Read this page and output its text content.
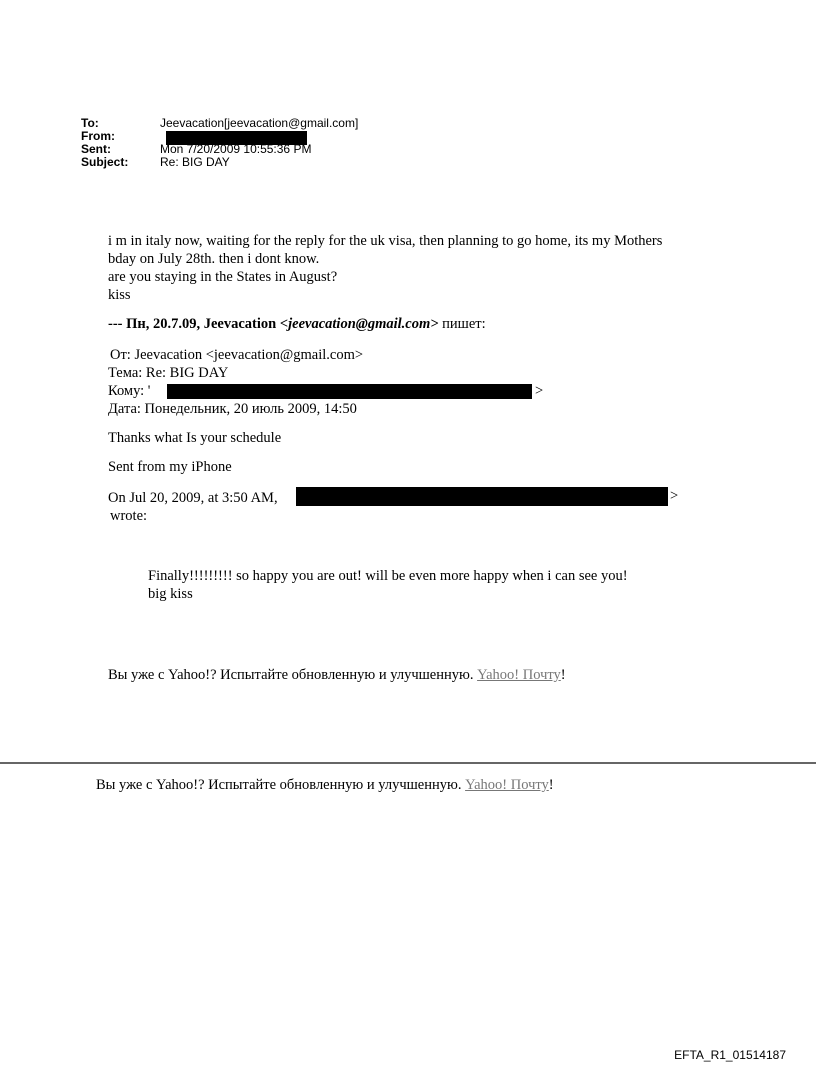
To:	Jeevacation[jeevacation@gmail.com]
From:
Sent:	Mon 7/20/2009 10:55:36 PM
Subject:	Re: BIG DAY
i m in italy now, waiting for the reply for the uk visa, then planning to go home, its my Mothers
bday on July 28th. then i dont know.
are you staying in the States in August?
kiss
--- Пн, 20.7.09, Jeevacation <jeevacation@gmail.com> пишет:
От: Jeevacation <jeevacation@gmail.com>
Тема: Re: BIG DAY
Кому: '	>
Дата: Понедельник, 20 июль 2009, 14:50
Thanks what Is your schedule
Sent from my iPhone
On Jul 20, 2009, at 3:50 AM,	>
wrote:
Finally!!!!!!!!! so happy you are out! will be even more happy when i can see you!
big kiss
Вы уже с Yahoo!? Испытайте обновленную и улучшенную. Yahoo! Почту!
Вы уже с Yahoo!? Испытайте обновленную и улучшенную. Yahoo! Почту!
EFTA_R1_01514187
